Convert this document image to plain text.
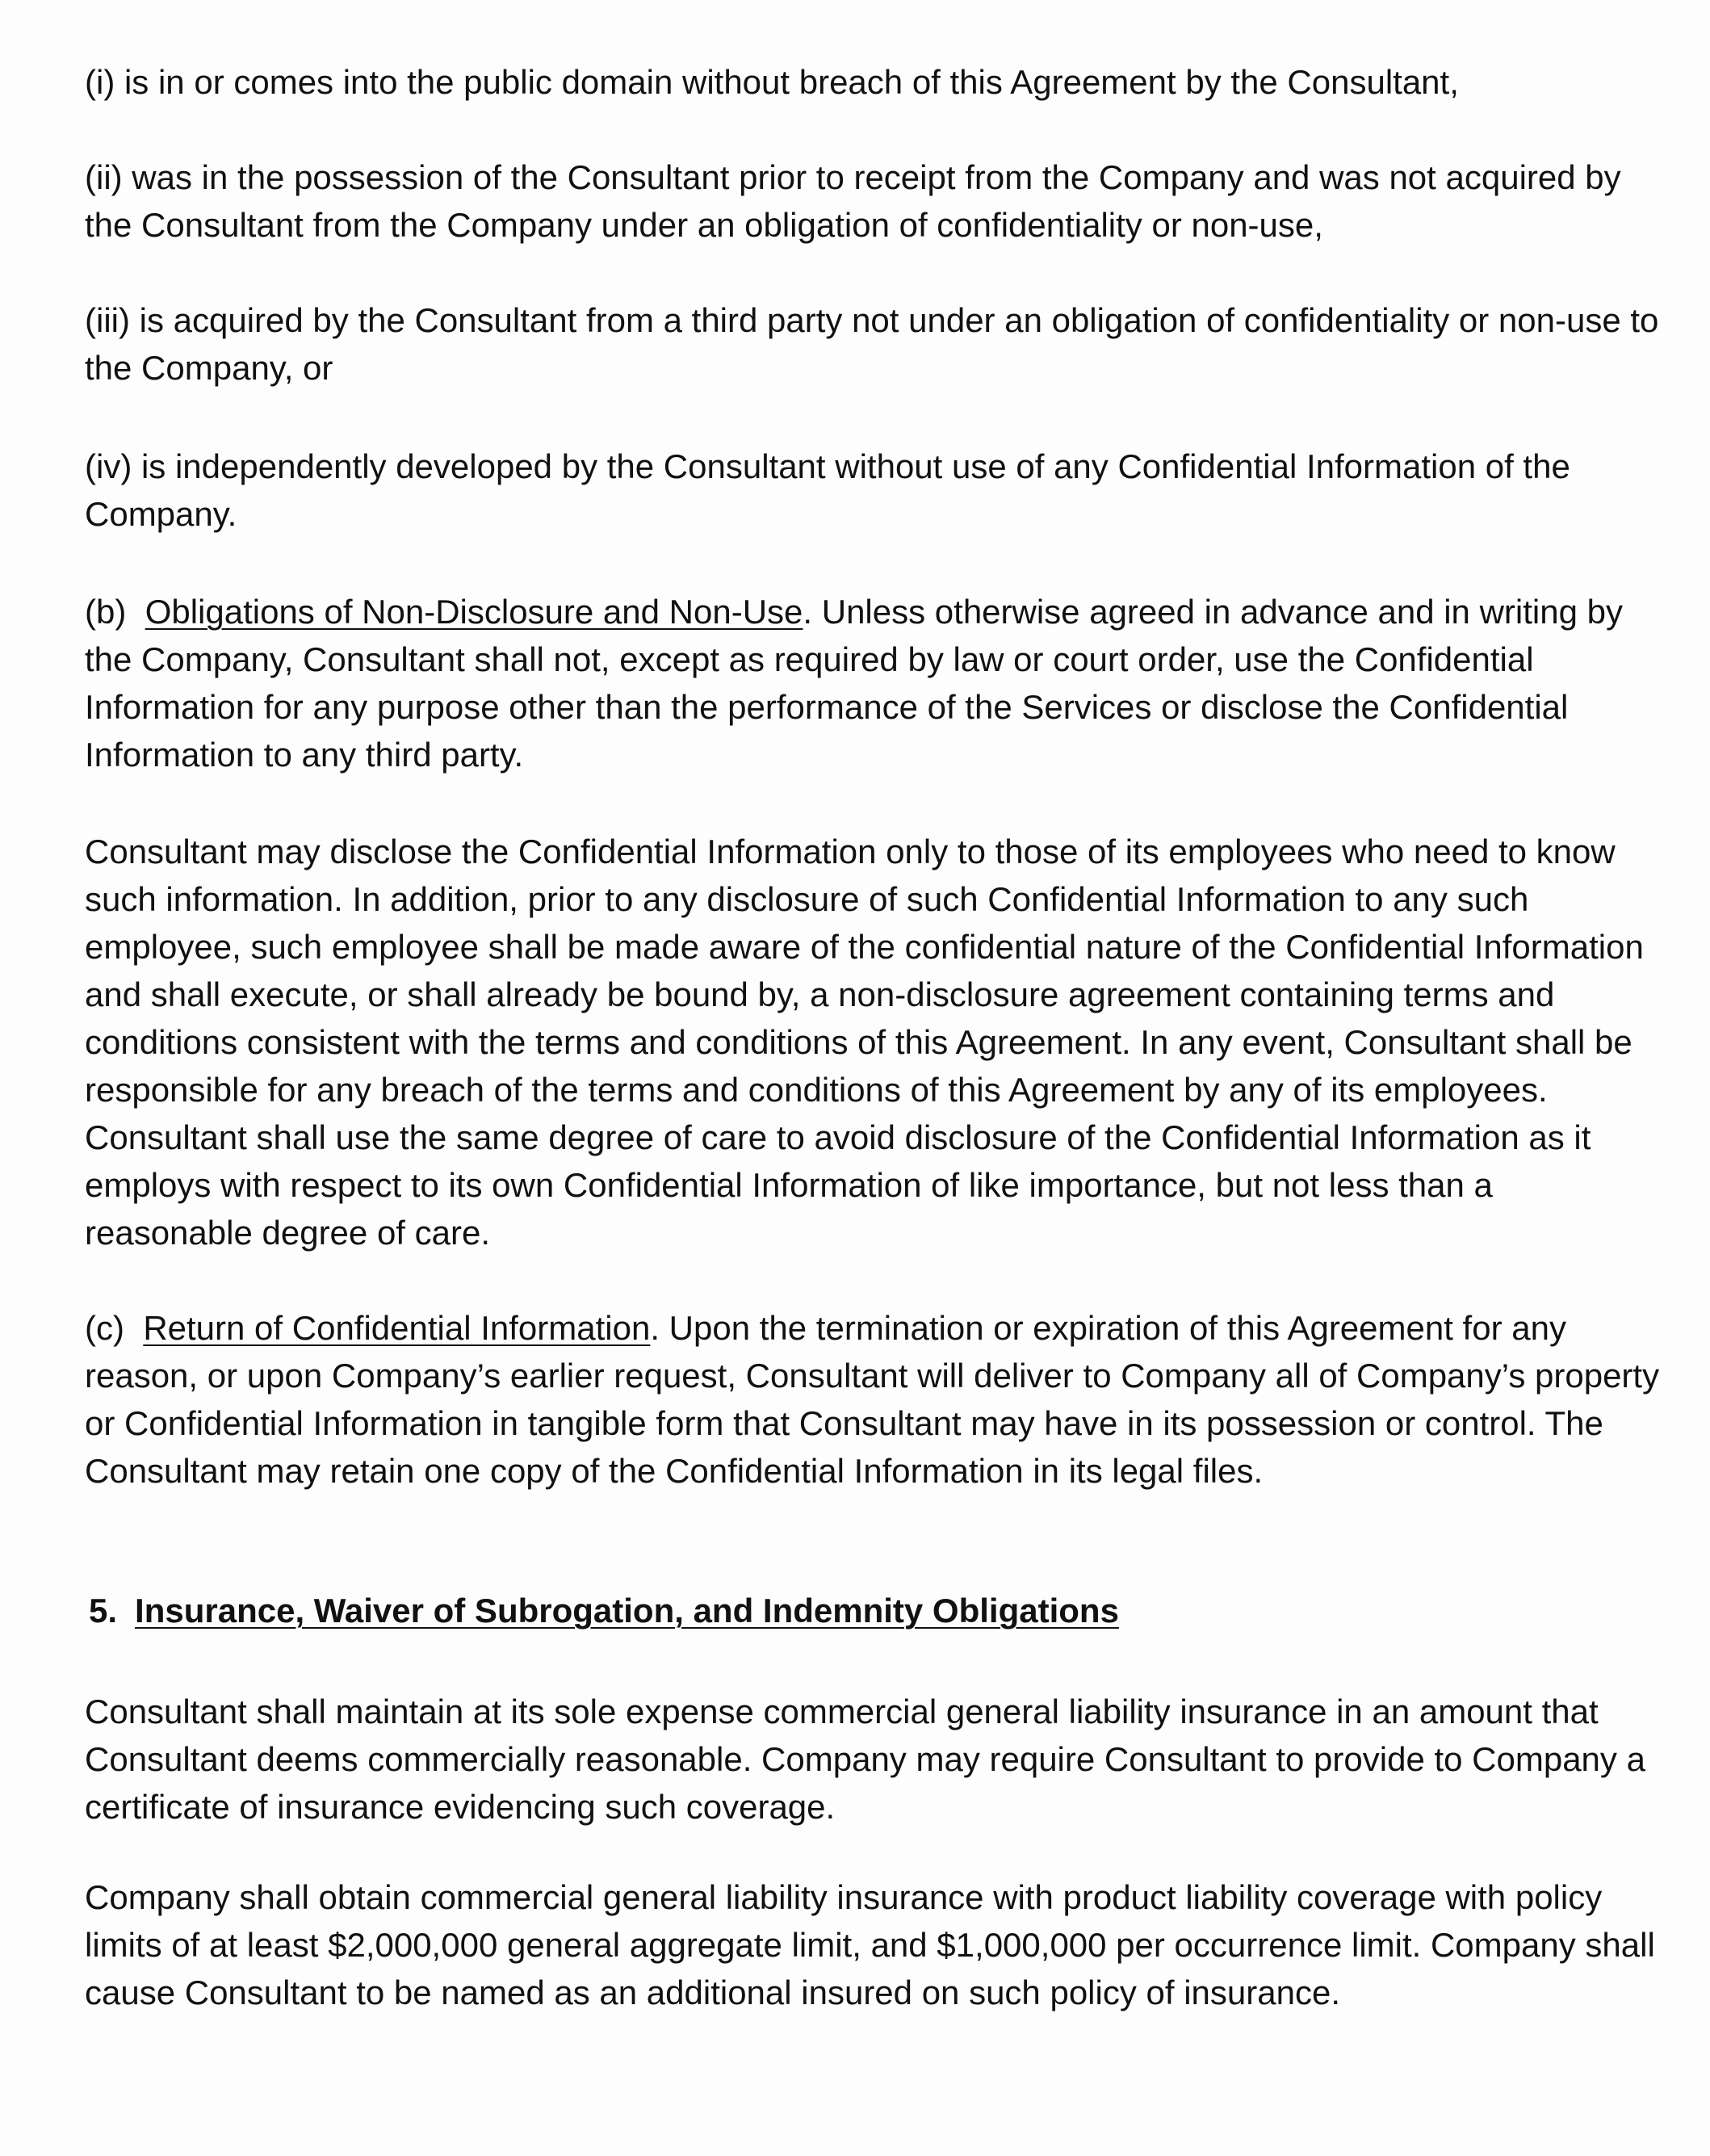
(i) is in or comes into the public domain without breach of this Agreement by the Consultant,

(ii) was in the possession of the Consultant prior to receipt from the Company and was not acquired by the Consultant from the Company under an obligation of confidentiality or non-use,

(iii) is acquired by the Consultant from a third party not under an obligation of confidentiality or non-use to the Company, or

(iv) is independently developed by the Consultant without use of any Confidential Information of the Company.

(b) Obligations of Non-Disclosure and Non-Use. Unless otherwise agreed in advance and in writing by the Company, Consultant shall not, except as required by law or court order, use the Confidential Information for any purpose other than the performance of the Services or disclose the Confidential Information to any third party.

Consultant may disclose the Confidential Information only to those of its employees who need to know such information. In addition, prior to any disclosure of such Confidential Information to any such employee, such employee shall be made aware of the confidential nature of the Confidential Information and shall execute, or shall already be bound by, a non-disclosure agreement containing terms and conditions consistent with the terms and conditions of this Agreement. In any event, Consultant shall be responsible for any breach of the terms and conditions of this Agreement by any of its employees. Consultant shall use the same degree of care to avoid disclosure of the Confidential Information as it employs with respect to its own Confidential Information of like importance, but not less than a reasonable degree of care.

(c) Return of Confidential Information. Upon the termination or expiration of this Agreement for any reason, or upon Company’s earlier request, Consultant will deliver to Company all of Company’s property or Confidential Information in tangible form that Consultant may have in its possession or control. The Consultant may retain one copy of the Confidential Information in its legal files.

5. Insurance, Waiver of Subrogation, and Indemnity Obligations

Consultant shall maintain at its sole expense commercial general liability insurance in an amount that Consultant deems commercially reasonable. Company may require Consultant to provide to Company a certificate of insurance evidencing such coverage.

Company shall obtain commercial general liability insurance with product liability coverage with policy limits of at least $2,000,000 general aggregate limit, and $1,000,000 per occurrence limit. Company shall cause Consultant to be named as an additional insured on such policy of insurance.
